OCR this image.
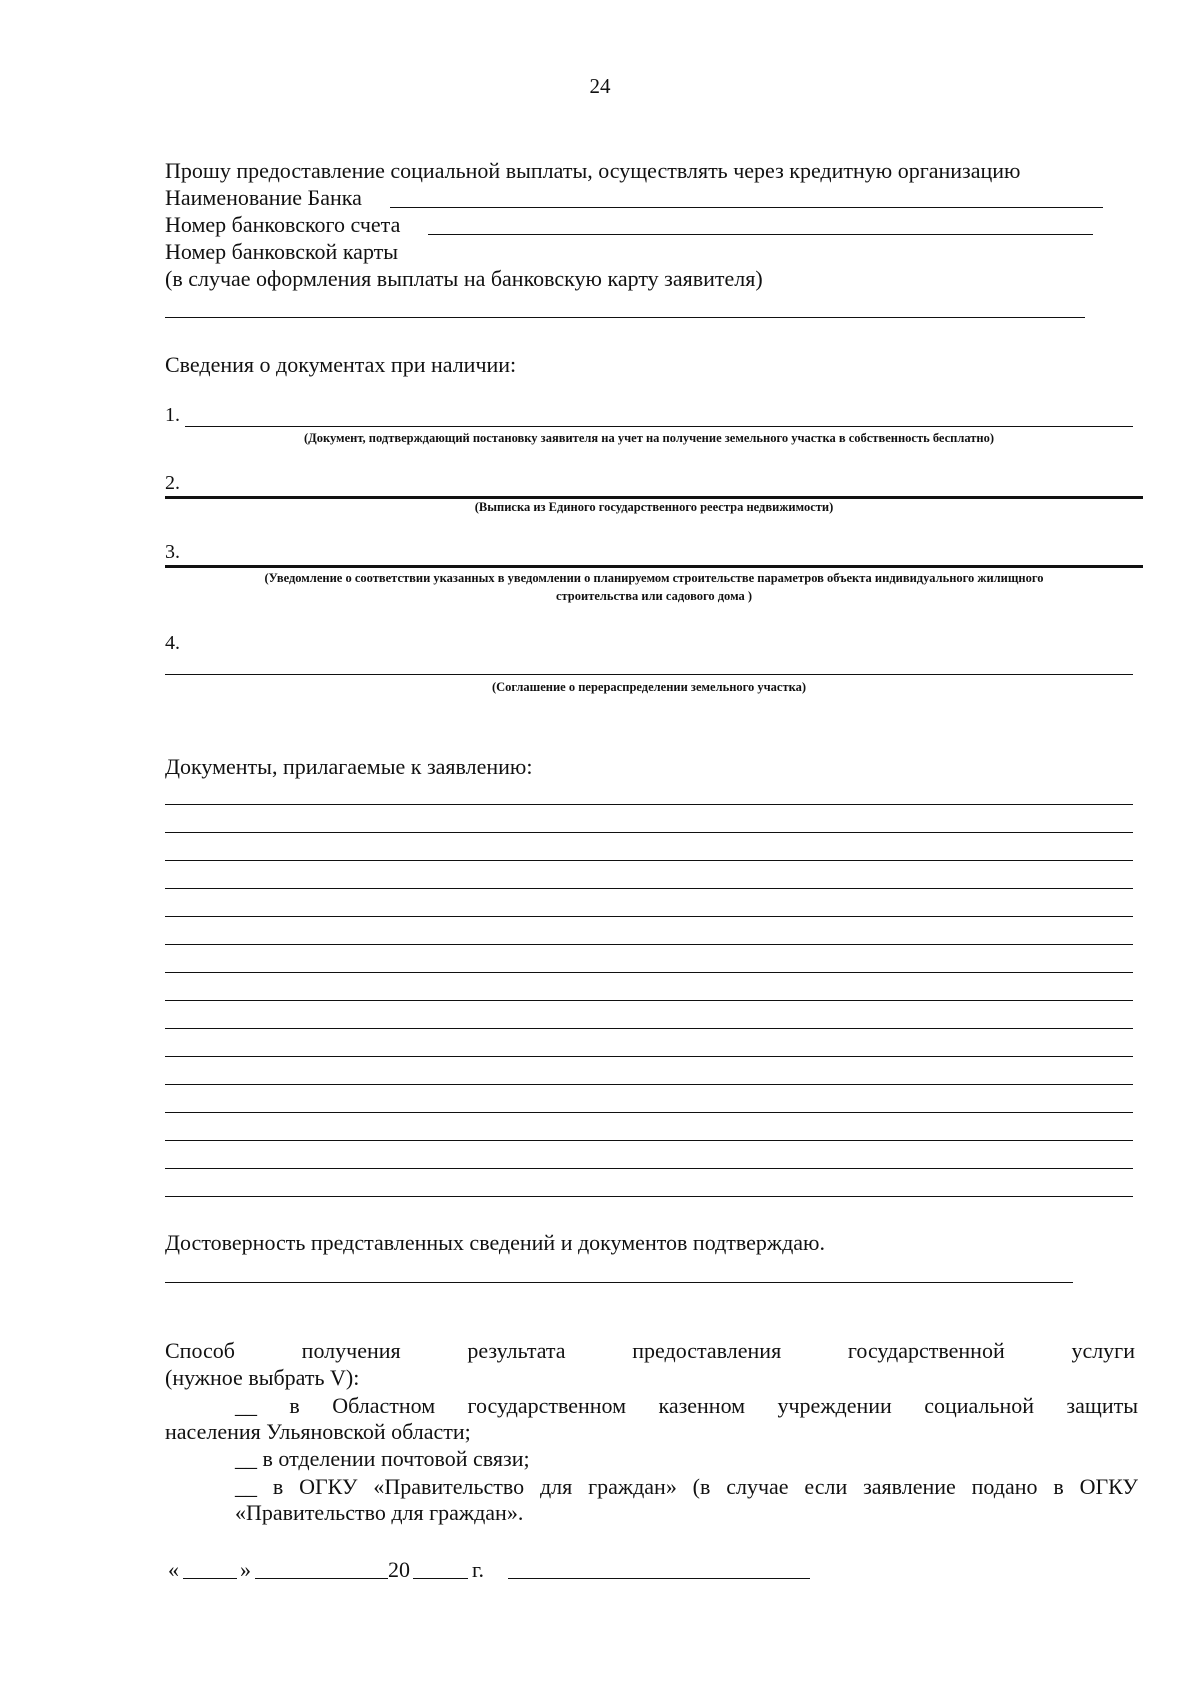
24
Прошу предоставление социальной выплаты, осуществлять через кредитную организацию
Наименование Банка
Номер банковского счета
Номер банковской карты
(в случае оформления выплаты на банковскую карту заявителя)
Сведения о документах при наличии:
1.
(Документ, подтверждающий постановку заявителя на учет на получение земельного участка в собственность бесплатно)
2.
(Выписка из Единого государственного реестра недвижимости)
3.
(Уведомление о соответствии указанных в уведомлении о планируемом строительстве параметров объекта индивидуального жилищного
строительства или садового дома )
4.
(Соглашение о перераспределении земельного участка)
Документы, прилагаемые к заявлению:
Достоверность представленных сведений и документов подтверждаю.
Способ	получения	результата	предоставления	государственной	услуги
(нужное выбрать V):
__ в Областном государственном казенном учреждении социальной защиты
населения Ульяновской области;
__ в отделении почтовой связи;
__ в ОГКУ «Правительство для граждан» (в случае если заявление подано в ОГКУ
«Правительство для граждан».
«	»	20	г.
